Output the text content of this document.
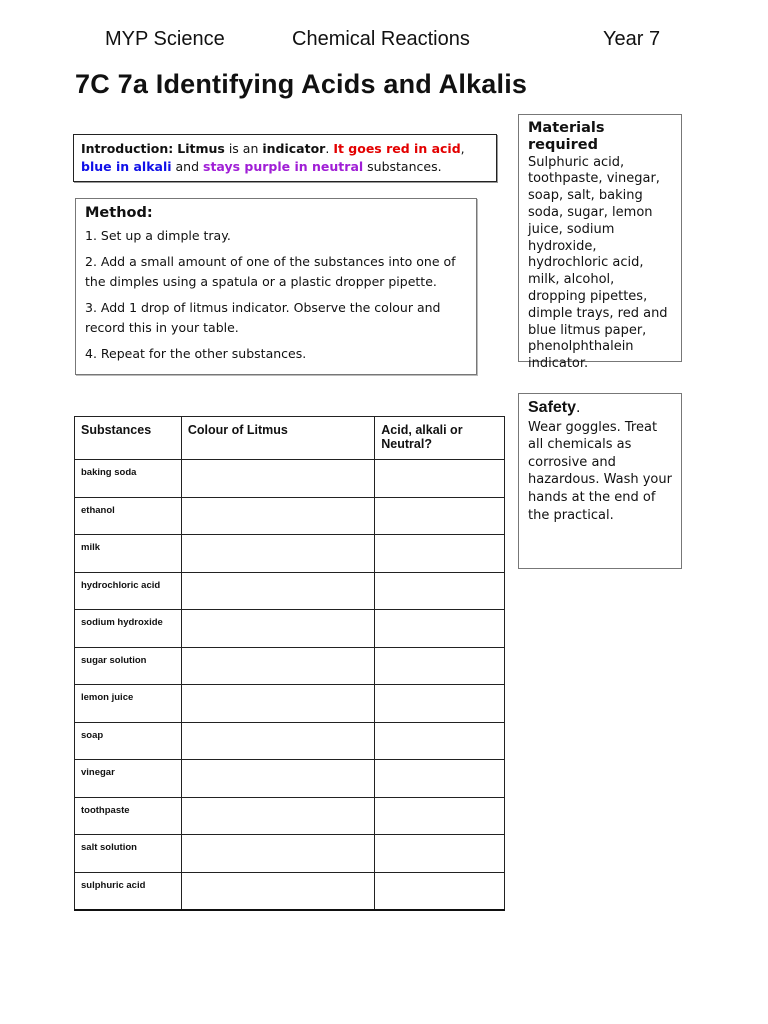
MYP Science	Chemical Reactions	Year 7
7C 7a Identifying Acids and Alkalis
Introduction: Litmus is an indicator. It goes red in acid, blue in alkali and stays purple in neutral substances.
Method:

1. Set up a dimple tray.

2. Add a small amount of one of the substances into one of the dimples using a spatula or a plastic dropper pipette.

3. Add 1 drop of litmus indicator. Observe the colour and record this in your table.

4. Repeat for the other substances.

Materials required
Sulphuric acid, toothpaste, vinegar, soap, salt, baking soda, sugar, lemon juice, sodium hydroxide, hydrochloric acid, milk, alcohol, dropping pipettes, dimple trays, red and blue litmus paper, phenolphthalein indicator.
Safety.
Wear goggles. Treat all chemicals as corrosive and hazardous. Wash your hands at the end of the practical.
Substances	Colour of Litmus	Acid, alkali or Neutral?
baking soda		
ethanol		
milk		
hydrochloric acid		
sodium hydroxide		
sugar solution		
lemon juice		
soap		
vinegar		
toothpaste		
salt solution		
sulphuric acid		
